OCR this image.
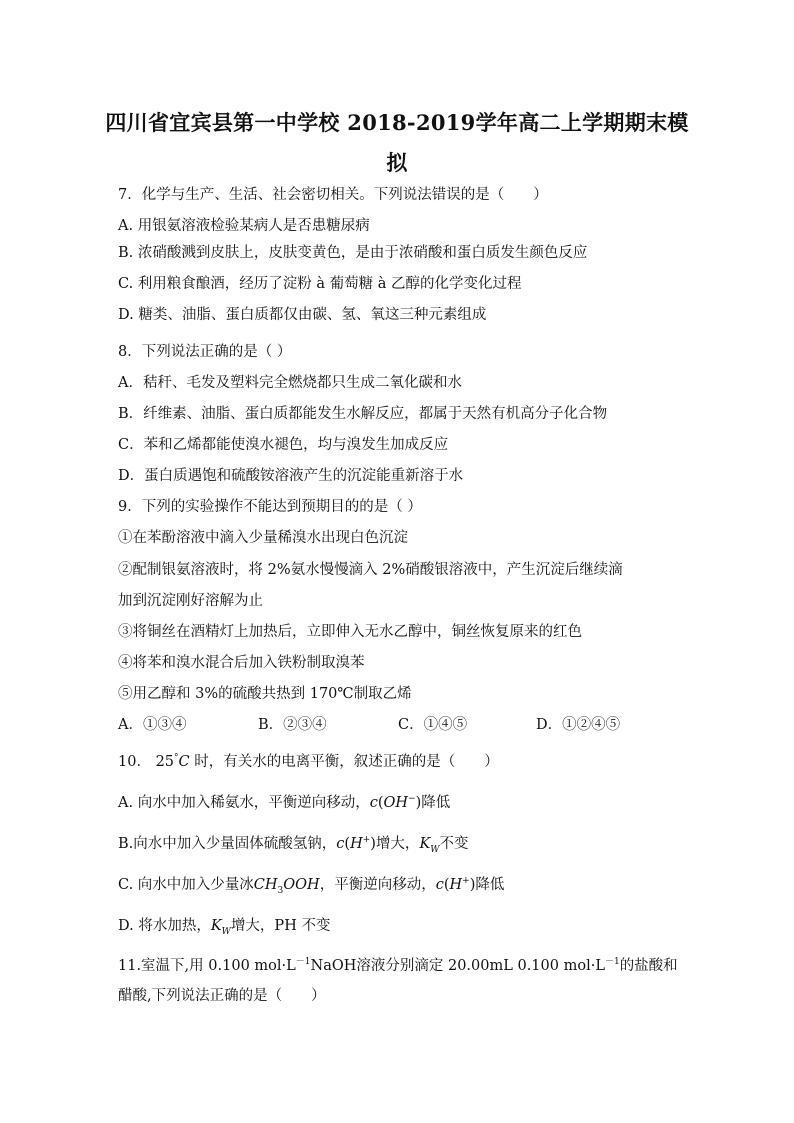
四川省宜宾县第一中学校 2018-2019学年高二上学期期末模
拟
7．化学与生产、生活、社会密切相关。下列说法错误的是（　　）
A. 用银氨溶液检验某病人是否患糖尿病
B. 浓硝酸溅到皮肤上，皮肤变黄色，是由于浓硝酸和蛋白质发生颜色反应
C. 利用粮食酿酒，经历了淀粉 à 葡萄糖 à 乙醇的化学变化过程
D. 糖类、油脂、蛋白质都仅由碳、氢、氧这三种元素组成
8．下列说法正确的是（ ）
A．秸秆、毛发及塑料完全燃烧都只生成二氧化碳和水
B．纤维素、油脂、蛋白质都能发生水解反应，都属于天然有机高分子化合物
C．苯和乙烯都能使溴水褪色，均与溴发生加成反应
D．蛋白质遇饱和硫酸铵溶液产生的沉淀能重新溶于水
9．下列的实验操作不能达到预期目的的是（ ）
①在苯酚溶液中滴入少量稀溴水出现白色沉淀
②配制银氨溶液时，将 2%氨水慢慢滴入 2%硝酸银溶液中，产生沉淀后继续滴
加到沉淀刚好溶解为止
③将铜丝在酒精灯上加热后，立即伸入无水乙醇中，铜丝恢复原来的红色
④将苯和溴水混合后加入铁粉制取溴苯
⑤用乙醇和 3%的硫酸共热到 170℃制取乙烯
A．①③④	B．②③④	C．①④⑤	D．①②④⑤
10． 25°C 时，有关水的电离平衡，叙述正确的是（　　）
A. 向水中加入稀氨水，平衡逆向移动，c(OH−)降低
B.向水中加入少量固体硫酸氢钠，c(H+)增大，$K_W$不变
C. 向水中加入少量冰$CH_3OOH$，平衡逆向移动，c(H+)降低
D. 将水加热，$K_W$增大，PH 不变
11.室温下,用 0.100 $mol\cdot L^{-1}NaOH$溶液分别滴定 20.00mL 0.100 $mol\cdot L^{-1}$的盐酸和
醋酸,下列说法正确的是（　　）
